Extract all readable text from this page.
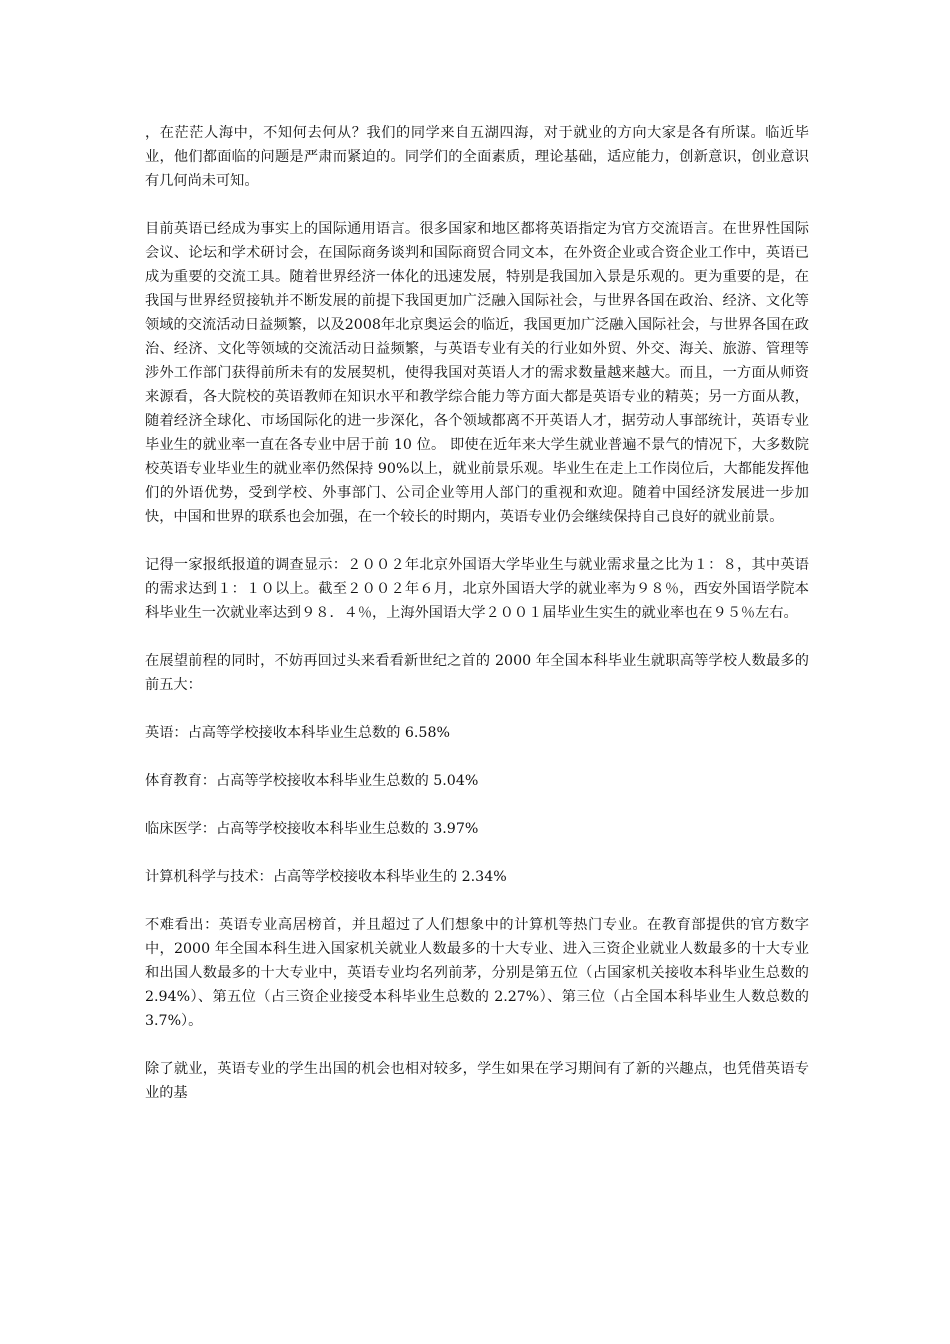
，在茫茫人海中，不知何去何从？我们的同学来自五湖四海，对于就业的方向大家是各有所谋。临近毕业，他们都面临的问题是严肃而紧迫的。同学们的全面素质，理论基础，适应能力，创新意识，创业意识有几何尚未可知。

目前英语已经成为事实上的国际通用语言。很多国家和地区都将英语指定为官方交流语言。在世界性国际会议、论坛和学术研讨会，在国际商务谈判和国际商贸合同文本，在外资企业或合资企业工作中，英语已成为重要的交流工具。随着世界经济一体化的迅速发展，特别是我国加入景是乐观的。更为重要的是，在我国与世界经贸接轨并不断发展的前提下我国更加广泛融入国际社会，与世界各国在政治、经济、文化等领域的交流活动日益频繁，以及2008年北京奥运会的临近，我国更加广泛融入国际社会，与世界各国在政治、经济、文化等领域的交流活动日益频繁，与英语专业有关的行业如外贸、外交、海关、旅游、管理等涉外工作部门获得前所未有的发展契机，使得我国对英语人才的需求数量越来越大。而且，一方面从师资来源看，各大院校的英语教师在知识水平和教学综合能力等方面大都是英语专业的精英；另一方面从教，随着经济全球化、市场国际化的进一步深化，各个领域都离不开英语人才，据劳动人事部统计，英语专业毕业生的就业率一直在各专业中居于前 10 位。 即使在近年来大学生就业普遍不景气的情况下，大多数院校英语专业毕业生的就业率仍然保持 90%以上，就业前景乐观。毕业生在走上工作岗位后，大都能发挥他们的外语优势，受到学校、外事部门、公司企业等用人部门的重视和欢迎。随着中国经济发展进一步加快，中国和世界的联系也会加强，在一个较长的时期内，英语专业仍会继续保持自己良好的就业前景。

记得一家报纸报道的调查显示：２００２年北京外国语大学毕业生与就业需求量之比为１：８，其中英语的需求达到１：１０以上。截至２００２年６月，北京外国语大学的就业率为９８％，西安外国语学院本科毕业生一次就业率达到９８．４％，上海外国语大学２００１届毕业生实生的就业率也在９５％左右。

在展望前程的同时，不妨再回过头来看看新世纪之首的 2000 年全国本科毕业生就职高等学校人数最多的前五大：

英语：占高等学校接收本科毕业生总数的 6.58%

体育教育：占高等学校接收本科毕业生总数的 5.04%

临床医学：占高等学校接收本科毕业生总数的 3.97%

计算机科学与技术：占高等学校接收本科毕业生的 2.34%

不难看出：英语专业高居榜首，并且超过了人们想象中的计算机等热门专业。在教育部提供的官方数字中，2000 年全国本科生进入国家机关就业人数最多的十大专业、进入三资企业就业人数最多的十大专业和出国人数最多的十大专业中，英语专业均名列前茅，分别是第五位（占国家机关接收本科毕业生总数的 2.94%）、第五位（占三资企业接受本科毕业生总数的 2.27%）、第三位（占全国本科毕业生人数总数的 3.7%）。

除了就业，英语专业的学生出国的机会也相对较多，学生如果在学习期间有了新的兴趣点，也凭借英语专业的基
